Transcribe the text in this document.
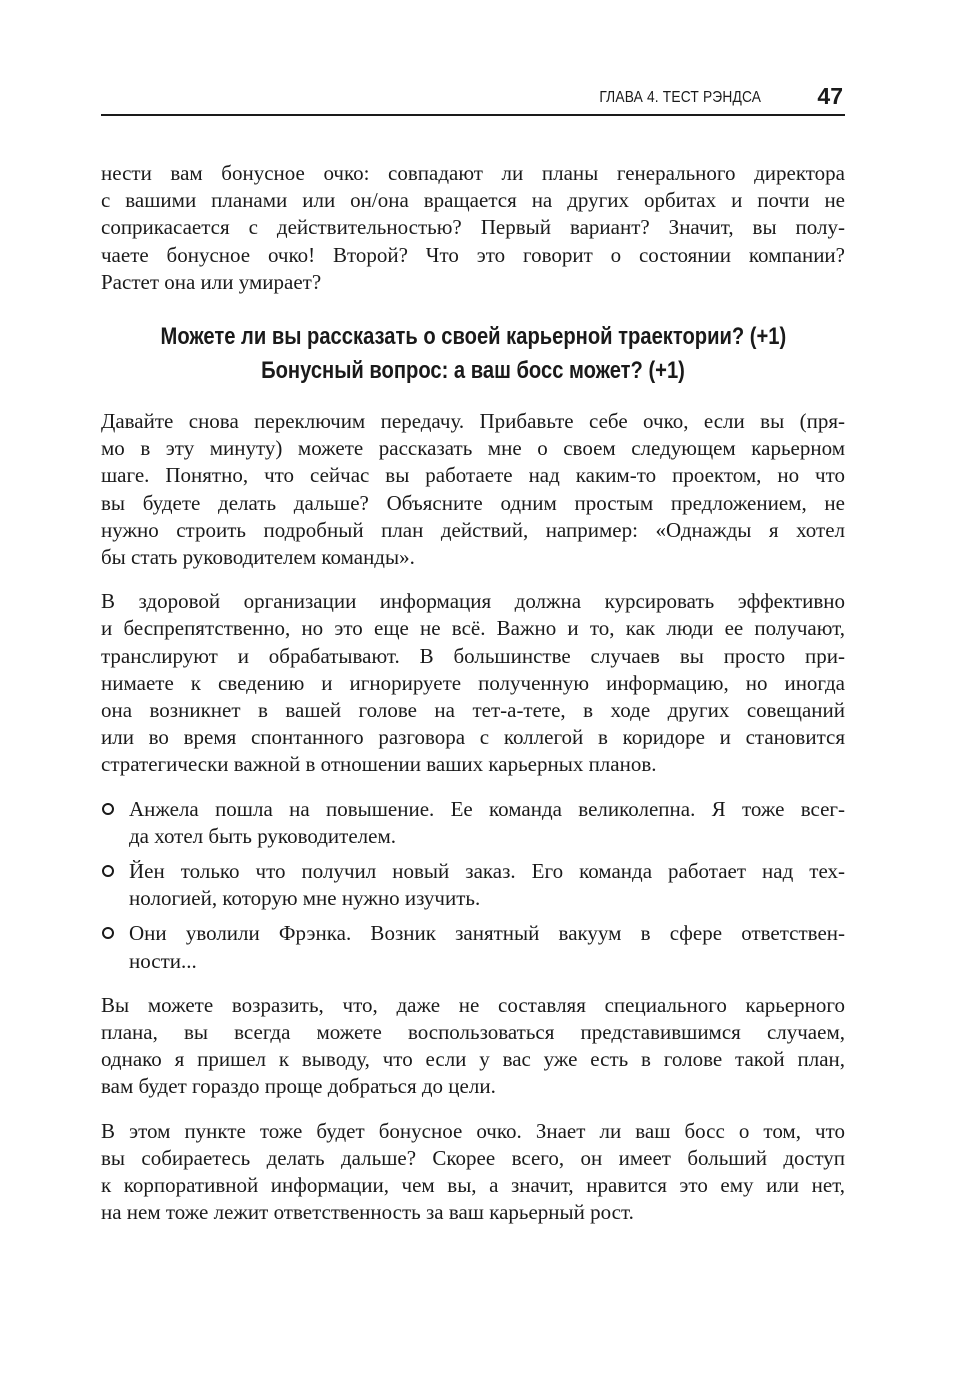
ГЛАВА 4. ТЕСТ РЭНДСА 47

нести вам бонусное очко: совпадают ли планы генерального директора
с вашими планами или он/она вращается на других орбитах и почти не
соприкасается с действительностью? Первый вариант? Значит, вы полу-
чаете бонусное очко! Второй? Что это говорит о состоянии компании?
Растет она или умирает?

Можете ли вы рассказать о своей карьерной траектории? (+1)
Бонусный вопрос: а ваш босс может? (+1)

Давайте снова переключим передачу. Прибавьте себе очко, если вы (пря-
мо в эту минуту) можете рассказать мне о своем следующем карьерном
шаге. Понятно, что сейчас вы работаете над каким-то проектом, но что
вы будете делать дальше? Объясните одним простым предложением, не
нужно строить подробный план действий, например: «Однажды я хотел
бы стать руководителем команды».

В здоровой организации информация должна курсировать эффективно
и беспрепятственно, но это еще не всё. Важно и то, как люди ее получают,
транслируют и обрабатывают. В большинстве случаев вы просто при-
нимаете к сведению и игнорируете полученную информацию, но иногда
она возникнет в вашей голове на тет-а-тете, в ходе других совещаний
или во время спонтанного разговора с коллегой в коридоре и становится
стратегически важной в отношении ваших карьерных планов.

Анжела пошла на повышение. Ее команда великолепна. Я тоже всег-
да хотел быть руководителем.
Йен только что получил новый заказ. Его команда работает над тех-
нологией, которую мне нужно изучить.
Они уволили Фрэнка. Возник занятный вакуум в сфере ответствен-
ности...

Вы можете возразить, что, даже не составляя специального карьерного
плана, вы всегда можете воспользоваться представившимся случаем,
однако я пришел к выводу, что если у вас уже есть в голове такой план,
вам будет гораздо проще добраться до цели.

В этом пункте тоже будет бонусное очко. Знает ли ваш босс о том, что
вы собираетесь делать дальше? Скорее всего, он имеет больший доступ
к корпоративной информации, чем вы, а значит, нравится это ему или нет,
на нем тоже лежит ответственность за ваш карьерный рост.
